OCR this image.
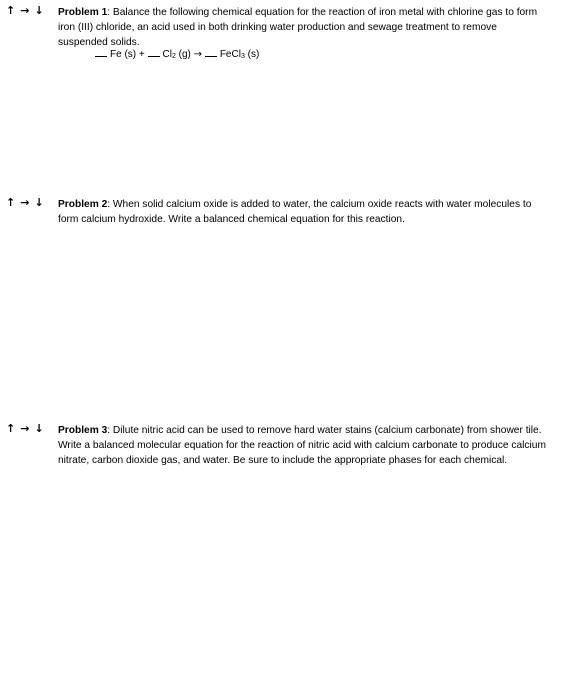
↑ → ↓ Problem 1: Balance the following chemical equation for the reaction of iron metal with chlorine gas to form iron (III) chloride, an acid used in both drinking water production and sewage treatment to remove suspended solids.
Fe (s) + Cl2 (g) → FeCl3 (s)
↑ → ↓ Problem 2: When solid calcium oxide is added to water, the calcium oxide reacts with water molecules to form calcium hydroxide. Write a balanced chemical equation for this reaction.
↑ → ↓ Problem 3: Dilute nitric acid can be used to remove hard water stains (calcium carbonate) from shower tile. Write a balanced molecular equation for the reaction of nitric acid with calcium carbonate to produce calcium nitrate, carbon dioxide gas, and water. Be sure to include the appropriate phases for each chemical.
